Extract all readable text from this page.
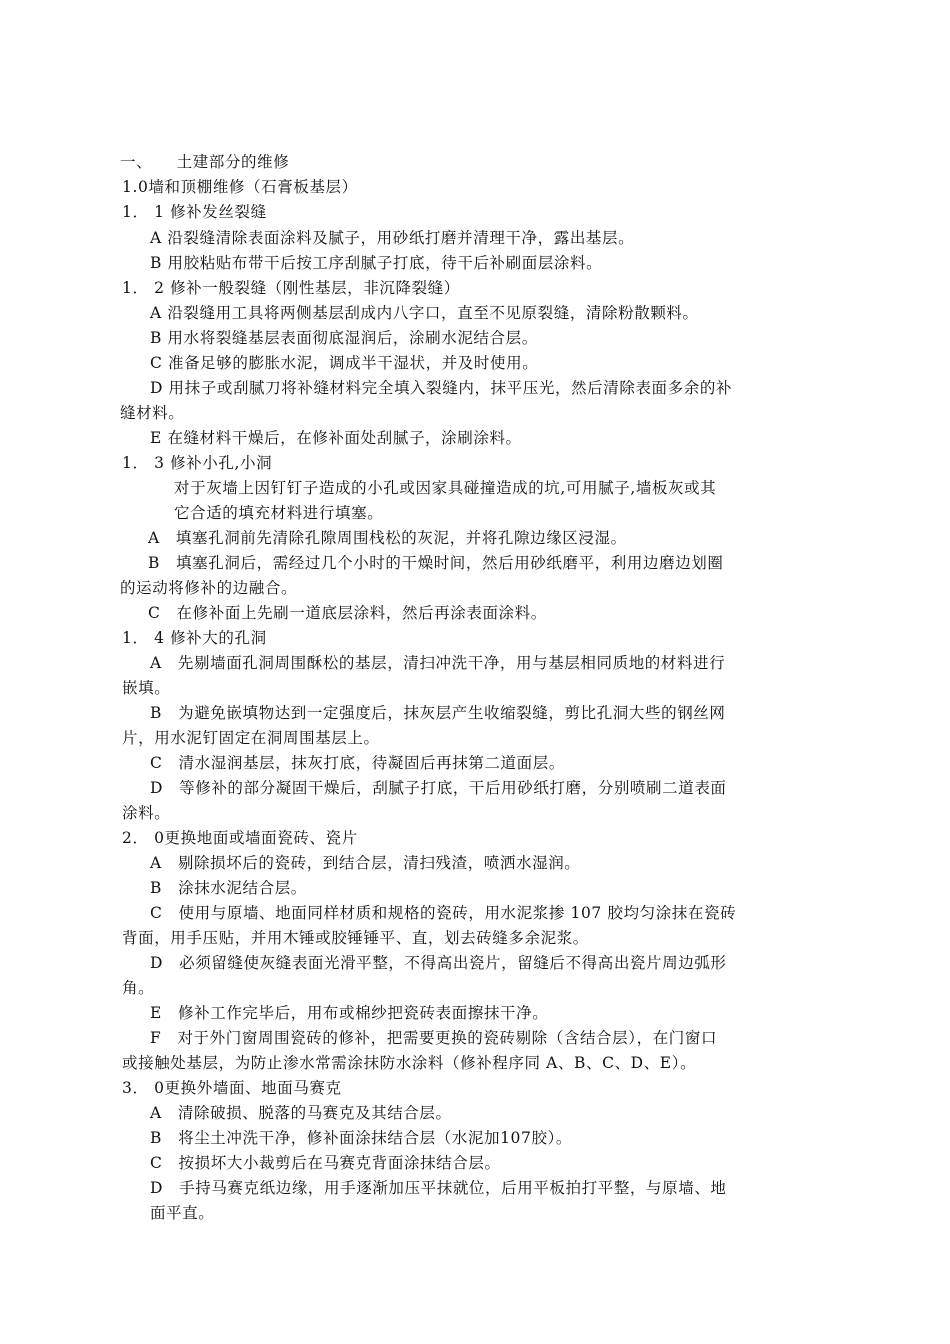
一、　　土建部分的维修
1.0墙和顶棚维修（石膏板基层）
1． 1 修补发丝裂缝
A 沿裂缝清除表面涂料及腻子，用砂纸打磨并清理干净，露出基层。
B 用胶粘贴布带干后按工序刮腻子打底，待干后补刷面层涂料。
1． 2 修补一般裂缝（刚性基层，非沉降裂缝）
A 沿裂缝用工具将两侧基层刮成内八字口，直至不见原裂缝，清除粉散颗料。
B 用水将裂缝基层表面彻底湿润后，涂刷水泥结合层。
C 准备足够的膨胀水泥，调成半干湿状，并及时使用。
D 用抹子或刮腻刀将补缝材料完全填入裂缝内，抹平压光，然后清除表面多余的补
缝材料。
E 在缝材料干燥后，在修补面处刮腻子，涂刷涂料。
1． 3 修补小孔,小洞
对于灰墙上因钉钉子造成的小孔或因家具碰撞造成的坑,可用腻子,墙板灰或其
它合适的填充材料进行填塞。
A　填塞孔洞前先清除孔隙周围栈松的灰泥，并将孔隙边缘区浸湿。
B　填塞孔洞后，需经过几个小时的干燥时间，然后用砂纸磨平，利用边磨边划圈
的运动将修补的边融合。
C　在修补面上先刷一道底层涂料，然后再涂表面涂料。
1． 4 修补大的孔洞
A　先剔墙面孔洞周围酥松的基层，清扫冲洗干净，用与基层相同质地的材料进行
嵌填。
B　为避免嵌填物达到一定强度后，抹灰层产生收缩裂缝，剪比孔洞大些的钢丝网
片，用水泥钉固定在洞周围基层上。
C　清水湿润基层，抹灰打底，待凝固后再抹第二道面层。
D　等修补的部分凝固干燥后，刮腻子打底，干后用砂纸打磨，分别喷刷二道表面
涂料。
2． 0更换地面或墙面瓷砖、瓷片
A　剔除损坏后的瓷砖，到结合层，清扫残渣，喷洒水湿润。
B　涂抹水泥结合层。
C　使用与原墙、地面同样材质和规格的瓷砖，用水泥浆掺 107 胶均匀涂抹在瓷砖
背面，用手压贴，并用木锤或胶锤锤平、直，划去砖缝多余泥浆。
D　必须留缝使灰缝表面光滑平整，不得高出瓷片，留缝后不得高出瓷片周边弧形
角。
E　修补工作完毕后，用布或棉纱把瓷砖表面擦抹干净。
F　对于外门窗周围瓷砖的修补，把需要更换的瓷砖剔除（含结合层），在门窗口
或接触处基层，为防止渗水常需涂抹防水涂料（修补程序同 A、B、C、D、E）。
3． 0更换外墙面、地面马赛克
A　清除破损、脱落的马赛克及其结合层。
B　将尘土冲洗干净，修补面涂抹结合层（水泥加107胶）。
C　按损坏大小裁剪后在马赛克背面涂抹结合层。
D　手持马赛克纸边缘，用手逐渐加压平抹就位，后用平板拍打平整，与原墙、地
面平直。
